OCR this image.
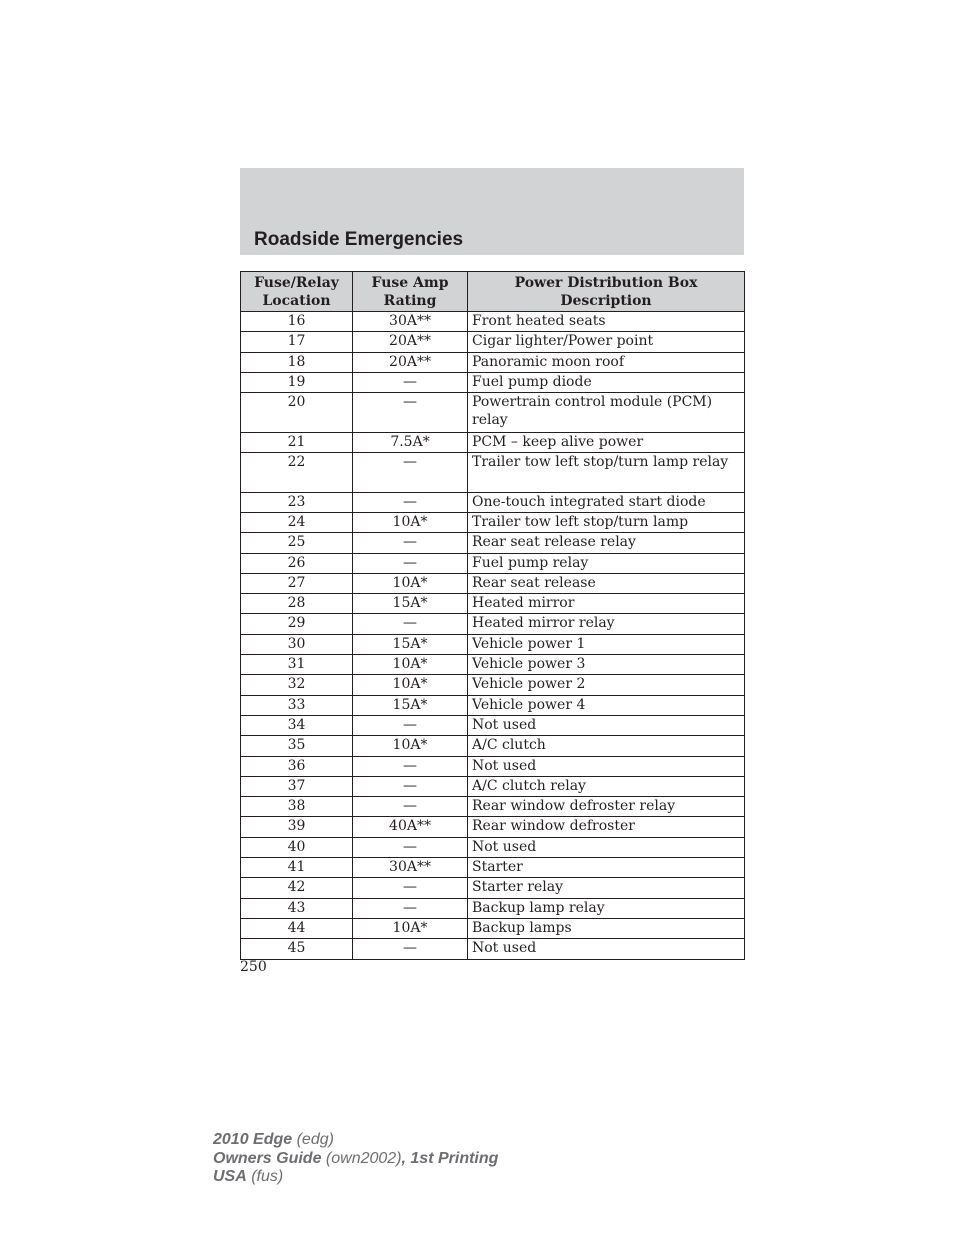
Roadside Emergencies
Fuse/Relay Location	Fuse Amp Rating	Power Distribution Box Description
16	30A**	Front heated seats
17	20A**	Cigar lighter/Power point
18	20A**	Panoramic moon roof
19	—	Fuel pump diode
20	—	Powertrain control module (PCM) relay
21	7.5A*	PCM – keep alive power
22	—	Trailer tow left stop/turn lamp relay
23	—	One-touch integrated start diode
24	10A*	Trailer tow left stop/turn lamp
25	—	Rear seat release relay
26	—	Fuel pump relay
27	10A*	Rear seat release
28	15A*	Heated mirror
29	—	Heated mirror relay
30	15A*	Vehicle power 1
31	10A*	Vehicle power 3
32	10A*	Vehicle power 2
33	15A*	Vehicle power 4
34	—	Not used
35	10A*	A/C clutch
36	—	Not used
37	—	A/C clutch relay
38	—	Rear window defroster relay
39	40A**	Rear window defroster
40	—	Not used
41	30A**	Starter
42	—	Starter relay
43	—	Backup lamp relay
44	10A*	Backup lamps
45	—	Not used
250
2010 Edge (edg)
Owners Guide (own2002), 1st Printing
USA (fus)
